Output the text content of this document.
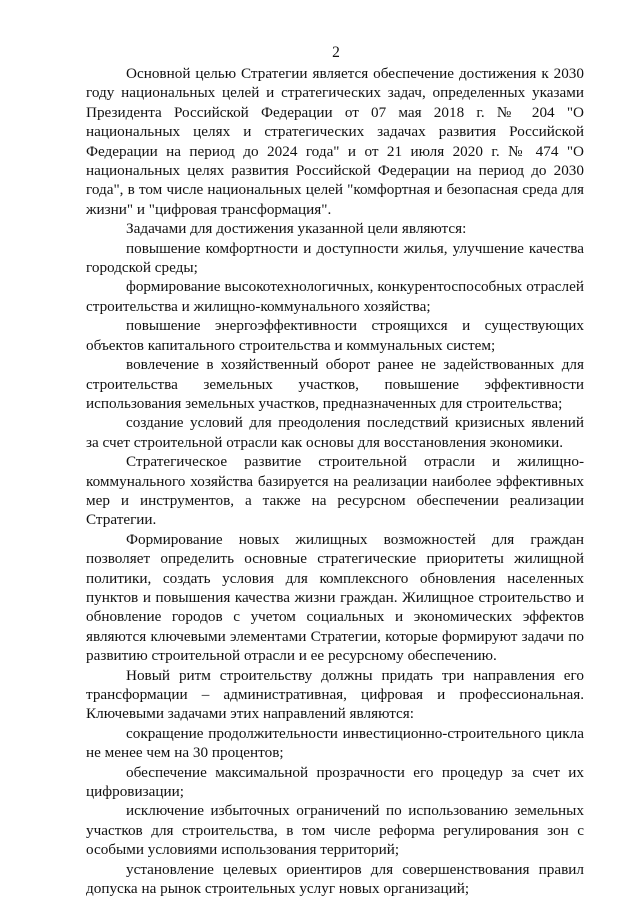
2

Основной целью Стратегии является обеспечение достижения к 2030 году национальных целей и стратегических задач, определенных указами Президента Российской Федерации от 07 мая 2018 г. № 204 "О национальных целях и стратегических задачах развития Российской Федерации на период до 2024 года" и от 21 июля 2020 г. № 474 "О национальных целях развития Российской Федерации на период до 2030 года", в том числе национальных целей "комфортная и безопасная среда для жизни" и "цифровая трансформация".

Задачами для достижения указанной цели являются:

повышение комфортности и доступности жилья, улучшение качества городской среды;

формирование высокотехнологичных, конкурентоспособных отраслей строительства и жилищно-коммунального хозяйства;

повышение энергоэффективности строящихся и существующих объектов капитального строительства и коммунальных систем;

вовлечение в хозяйственный оборот ранее не задействованных для строительства земельных участков, повышение эффективности использования земельных участков, предназначенных для строительства;

создание условий для преодоления последствий кризисных явлений за счет строительной отрасли как основы для восстановления экономики.

Стратегическое развитие строительной отрасли и жилищно-коммунального хозяйства базируется на реализации наиболее эффективных мер и инструментов, а также на ресурсном обеспечении реализации Стратегии.

Формирование новых жилищных возможностей для граждан позволяет определить основные стратегические приоритеты жилищной политики, создать условия для комплексного обновления населенных пунктов и повышения качества жизни граждан. Жилищное строительство и обновление городов с учетом социальных и экономических эффектов являются ключевыми элементами Стратегии, которые формируют задачи по развитию строительной отрасли и ее ресурсному обеспечению.

Новый ритм строительству должны придать три направления его трансформации – административная, цифровая и профессиональная. Ключевыми задачами этих направлений являются:

сокращение продолжительности инвестиционно-строительного цикла не менее чем на 30 процентов;

обеспечение максимальной прозрачности его процедур за счет их цифровизации;

исключение избыточных ограничений по использованию земельных участков для строительства, в том числе реформа регулирования зон с особыми условиями использования территорий;

установление целевых ориентиров для совершенствования правил допуска на рынок строительных услуг новых организаций;
